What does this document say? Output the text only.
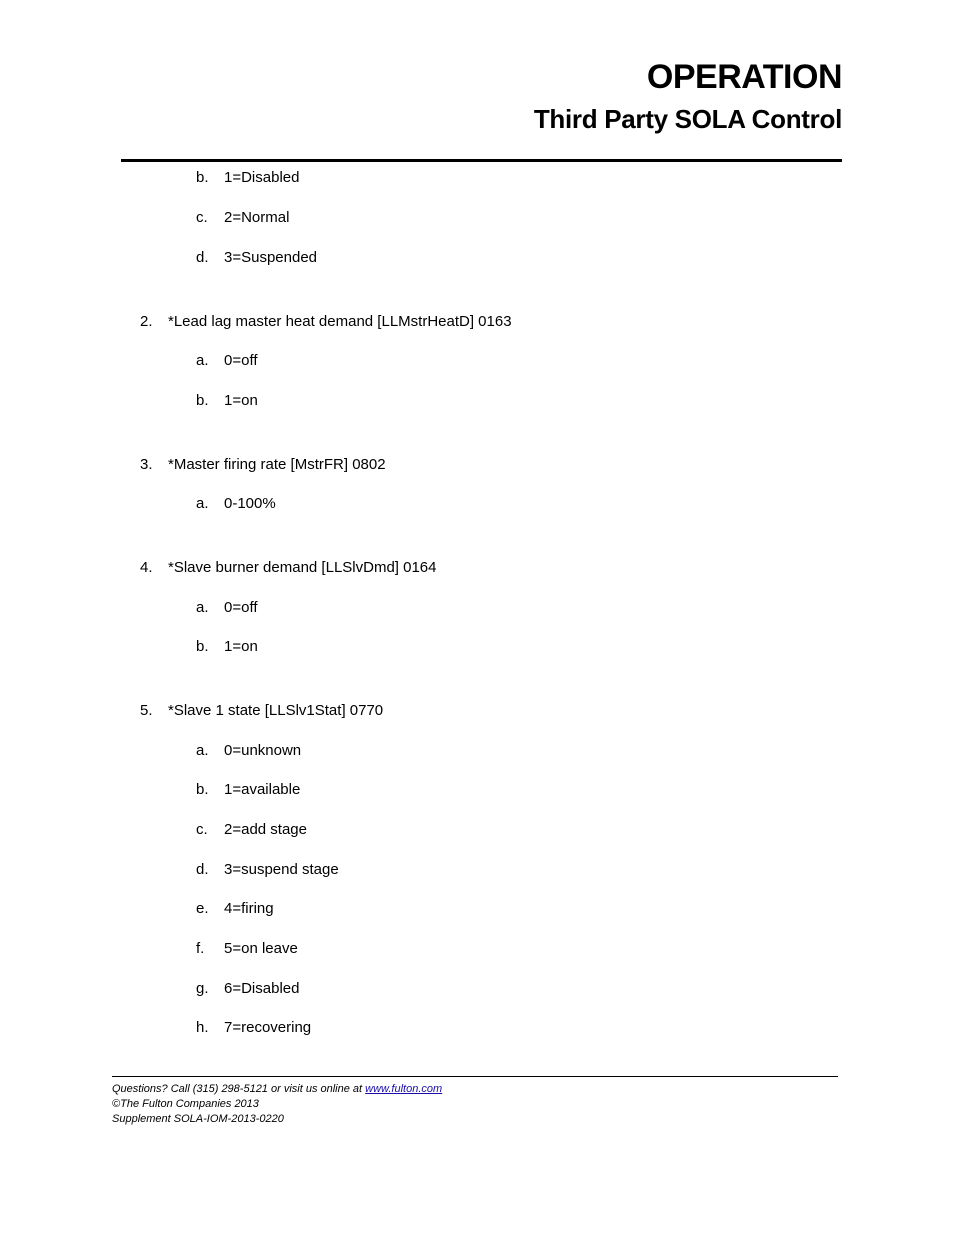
OPERATION
Third Party SOLA Control
b. 1=Disabled
c. 2=Normal
d. 3=Suspended
2. *Lead lag master heat demand [LLMstrHeatD] 0163
a. 0=off
b. 1=on
3. *Master firing rate [MstrFR] 0802
a. 0-100%
4. *Slave burner demand [LLSlvDmd] 0164
a. 0=off
b. 1=on
5. *Slave 1 state [LLSlv1Stat] 0770
a. 0=unknown
b. 1=available
c. 2=add stage
d. 3=suspend stage
e. 4=firing
f. 5=on leave
g. 6=Disabled
h. 7=recovering
Questions? Call (315) 298-5121 or visit us online at www.fulton.com
©The Fulton Companies 2013
Supplement SOLA-IOM-2013-0220
